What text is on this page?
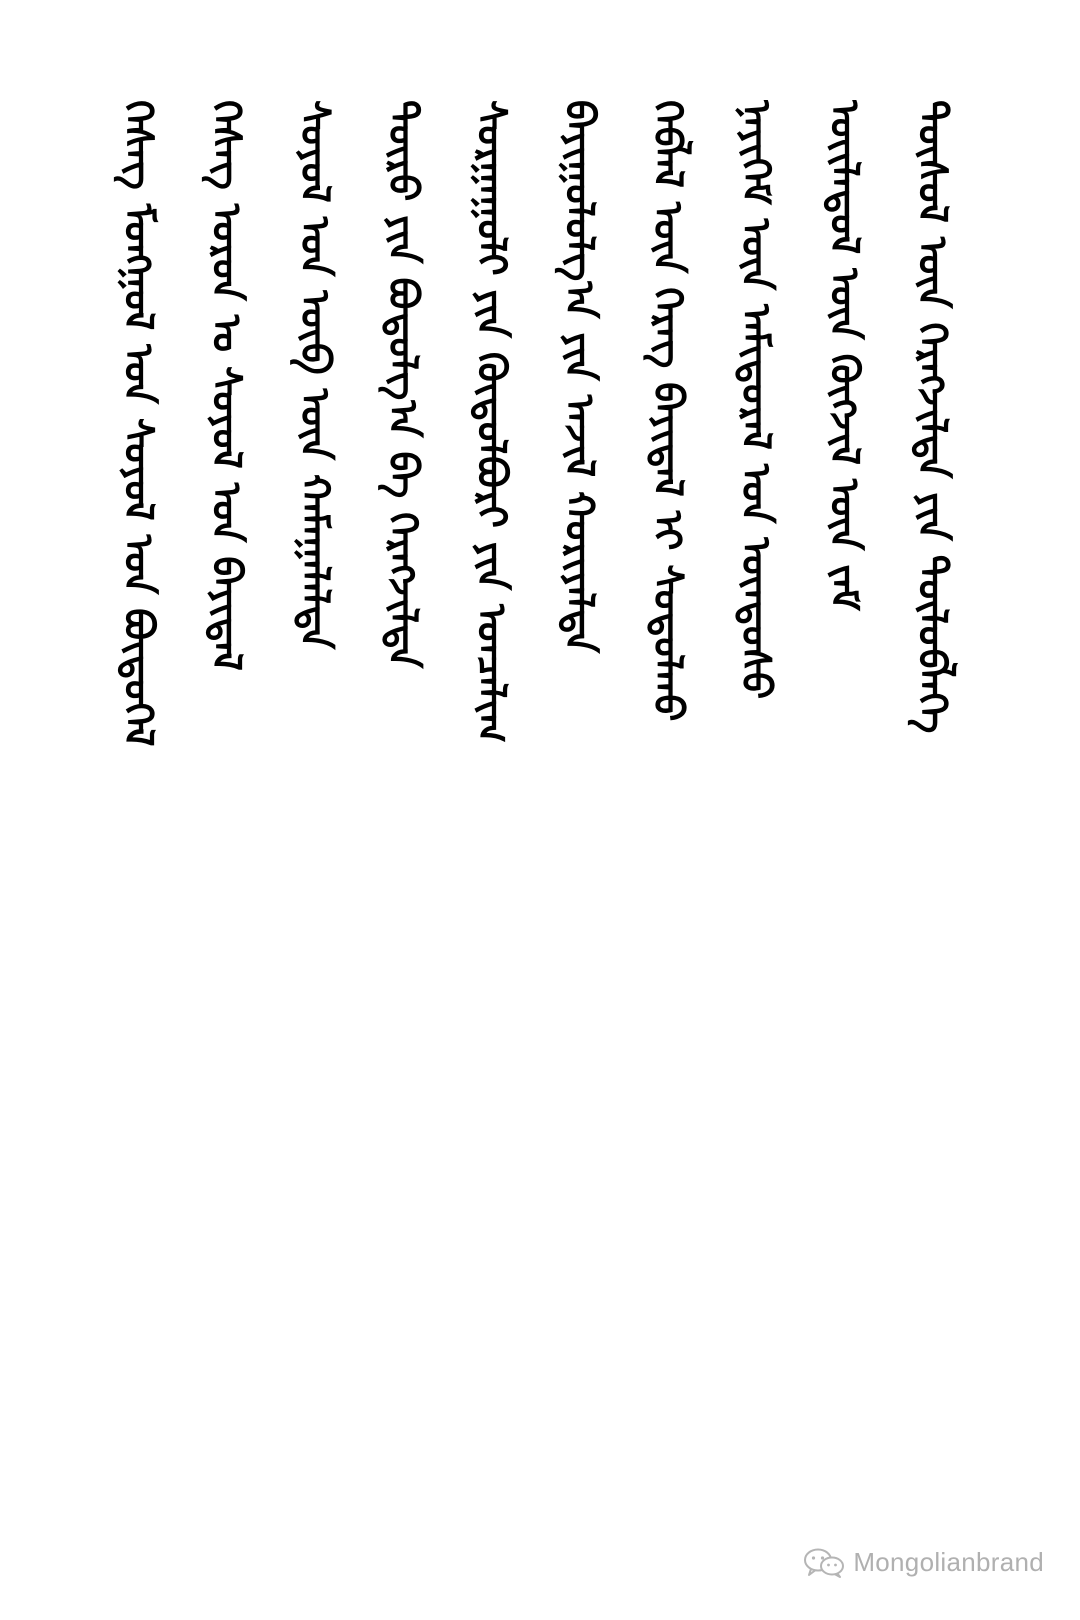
ᠬᠡᠰᠡᠭ ᠮᠣᠩᠭᠣᠯ ᠤᠨ ᠰᠣᠶᠣᠯ ᠤᠨ ᠪᠦᠲᠦᠭᠡᠯ ᠬᠡᠰᠡᠭ ᠣᠷᠤᠨ ᠤ ᠰᠣᠶᠣᠯ ᠤᠨ ᠪᠠᠶᠢᠳᠠᠯ ᠰᠣᠶᠣᠯ ᠤᠨ ᠥᠪ ᠦᠨ ᠬᠠᠮᠠᠭᠠᠯᠠᠯᠲᠠ ᠲᠦᠷᠦ ᠶᠢᠨ ᠪᠣᠳᠣᠯᠭ᠎ᠠ ᠪᠠ ᠬᠡᠷᠡᠭᠵᠢᠯᠲᠡ ᠰᠤᠷᠭᠠᠭᠤᠯᠢ ᠶᠢᠨ ᠬᠥᠲᠦᠯᠪᠦᠷᠢ ᠶᠢᠨ ᠣᠨᠴᠠᠯᠢᠭ ᠪᠠᠶᠢᠭᠤᠯᠤᠯᠭ᠎ᠠ ᠶᠢᠨ ᠠᠵᠢᠯ ᠬᠣᠷᠢᠶᠠᠯᠲᠠ ᠬᠡᠪᠯᠡᠯ ᠦᠨ ᠬᠡᠷᠡᠭ ᠪᠠᠶᠢᠳᠠᠯ ᠢ ᠰᠣᠳᠤᠯᠬᠤ ᠨᠡᠶᠢᠭᠡᠮ ᠦᠨ ᠠᠮᠢᠳᠤᠷᠠᠯ ᠤᠨ ᠦᠨᠳᠦᠰᠦ ᠦᠢᠯᠡᠳᠦᠯ ᠦᠨ ᠬᠥᠭᠵᠢᠯ ᠦᠨ ᠵᠠᠮ ᠲᠥᠰᠥᠯ ᠦᠨ ᠬᠡᠷᠡᠭᠵᠢᠯᠲᠡ ᠶᠢᠨ ᠲᠥᠯᠦᠪᠯᠡᠭᠡ
Mongolianbrand
